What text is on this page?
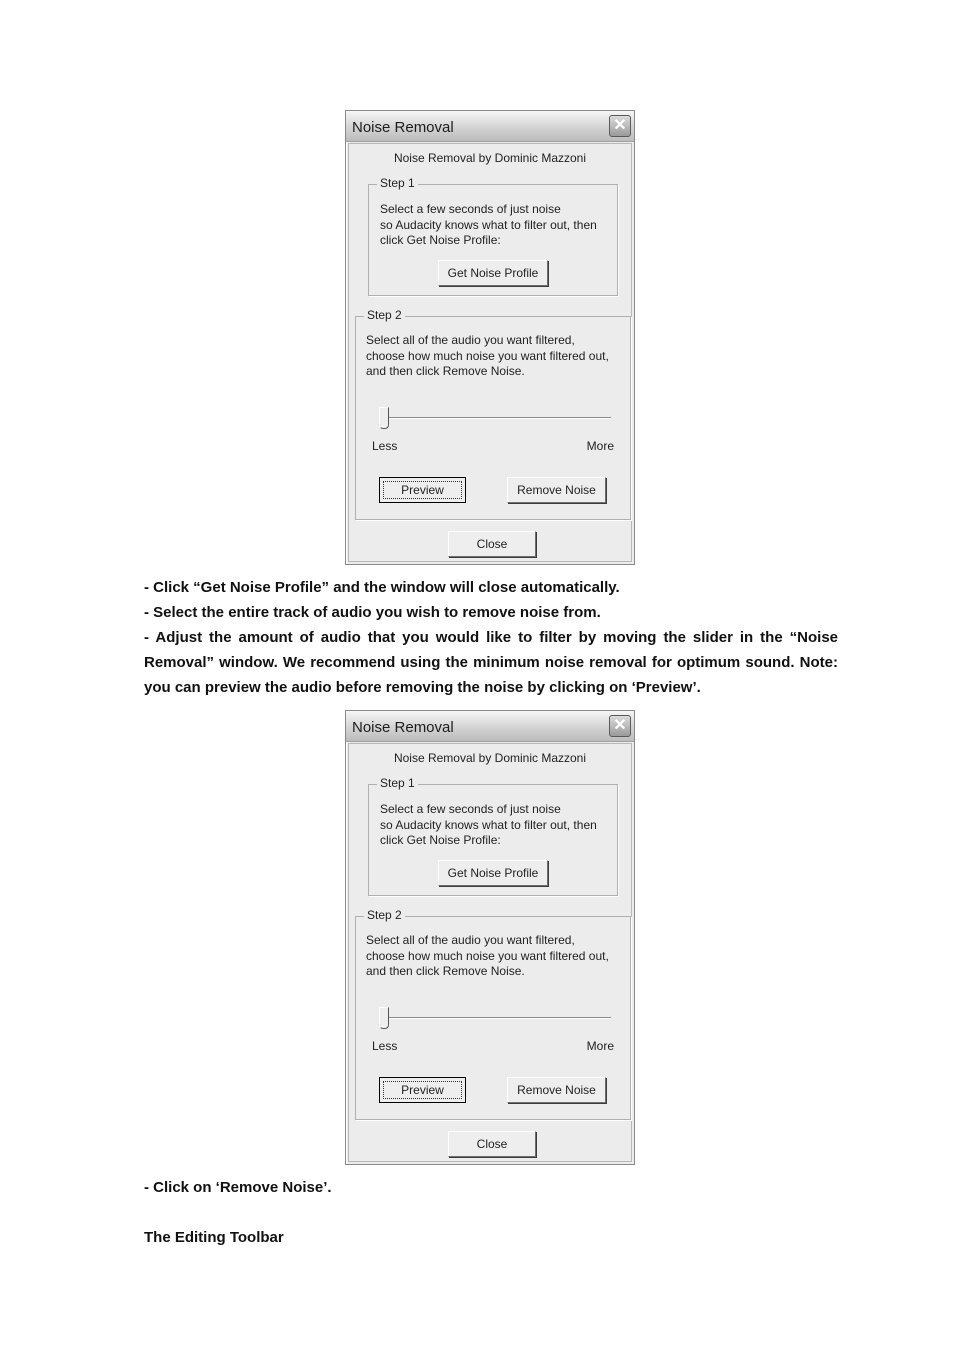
Noise Removal	✕
Noise Removal by Dominic Mazzoni
Step 1
Select a few seconds of just noise
so Audacity knows what to filter out, then
click Get Noise Profile:
Get Noise Profile
Step 2
Select all of the audio you want filtered,
choose how much noise you want filtered out,
and then click Remove Noise.
Less	More
Preview	Remove Noise
Close
- Click “Get Noise Profile” and the window will close automatically.
- Select the entire track of audio you wish to remove noise from.
- Adjust the amount of audio that you would like to filter by moving the slider in the “Noise Removal” window. We recommend using the minimum noise removal for optimum sound. Note: you can preview the audio before removing the noise by clicking on ‘Preview’.
Noise Removal	✕
Noise Removal by Dominic Mazzoni
Step 1
Select a few seconds of just noise
so Audacity knows what to filter out, then
click Get Noise Profile:
Get Noise Profile
Step 2
Select all of the audio you want filtered,
choose how much noise you want filtered out,
and then click Remove Noise.
Less	More
Preview	Remove Noise
Close
- Click on ‘Remove Noise’.
The Editing Toolbar
